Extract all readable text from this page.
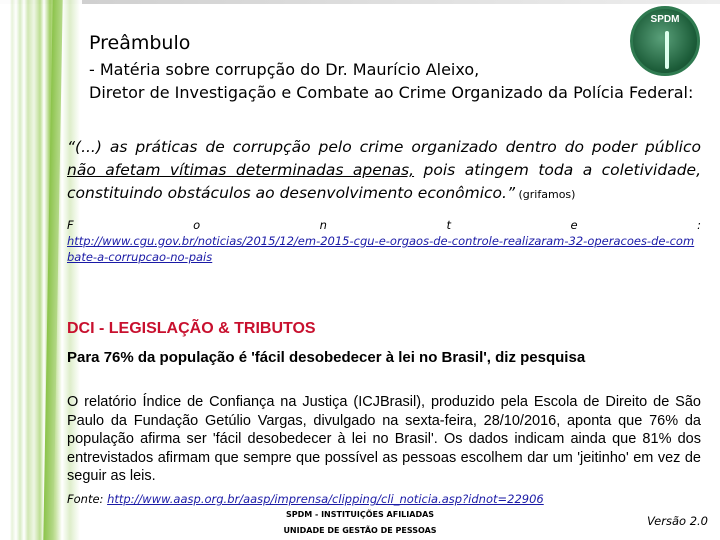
SPDM
Preâmbulo
- Matéria sobre corrupção do Dr. Maurício Aleixo,
Diretor de Investigação e Combate ao Crime Organizado da Polícia Federal:
“(...) as práticas de corrupção pelo crime organizado dentro do poder público não afetam vítimas determinadas apenas, pois atingem toda a coletividade, constituindo obstáculos ao desenvolvimento econômico.” (grifamos)
F	o	n	t	e	:
http://www.cgu.gov.br/noticias/2015/12/em-2015-cgu-e-orgaos-de-controle-realizaram-32-operacoes-de-combate-a-corrupcao-no-pais
DCI - LEGISLAÇÃO & TRIBUTOS
Para 76% da população é 'fácil desobedecer à lei no Brasil', diz pesquisa
O relatório Índice de Confiança na Justiça (ICJBrasil), produzido pela Escola de Direito de São Paulo da Fundação Getúlio Vargas, divulgado na sexta-feira, 28/10/2016, aponta que 76% da população afirma ser 'fácil desobedecer à lei no Brasil'. Os dados indicam ainda que 81% dos entrevistados afirmam que sempre que possível as pessoas escolhem dar um 'jeitinho' em vez de seguir as leis.
Fonte: http://www.aasp.org.br/aasp/imprensa/clipping/cli_noticia.asp?idnot=22906
SPDM - INSTITUIÇÕES AFILIADAS
UNIDADE DE GESTÃO DE PESSOAS
Versão 2.0
